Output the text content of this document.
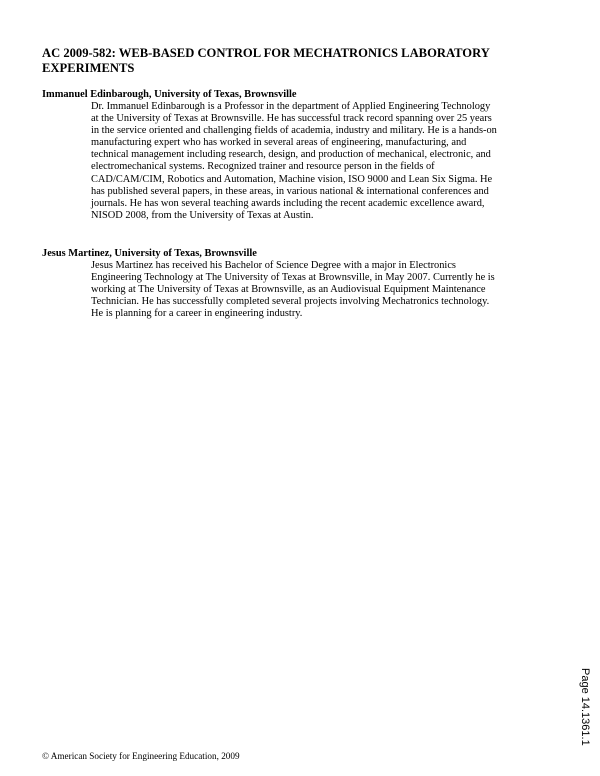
AC 2009-582: WEB-BASED CONTROL FOR MECHATRONICS LABORATORY EXPERIMENTS

Immanuel Edinbarough, University of Texas, Brownsville

Dr. Immanuel Edinbarough is a Professor in the department of Applied Engineering Technology
at the University of Texas at Brownsville. He has successful track record spanning over 25 years
in the service oriented and challenging fields of academia, industry and military. He is a hands-on
manufacturing expert who has worked in several areas of engineering, manufacturing, and
technical management including research, design, and production of mechanical, electronic, and
electromechanical systems. Recognized trainer and resource person in the fields of
CAD/CAM/CIM, Robotics and Automation, Machine vision, ISO 9000 and Lean Six Sigma. He
has published several papers, in these areas, in various national & international conferences and
journals. He has won several teaching awards including the recent academic excellence award,
NISOD 2008, from the University of Texas at Austin.

Jesus Martinez, University of Texas, Brownsville

Jesus Martinez has received his Bachelor of Science Degree with a major in Electronics
Engineering Technology at The University of Texas at Brownsville, in May 2007. Currently he is
working at The University of Texas at Brownsville, as an Audiovisual Equipment Maintenance
Technician. He has successfully completed several projects involving Mechatronics technology.
He is planning for a career in engineering industry.

Page 14.1361.1

© American Society for Engineering Education, 2009
